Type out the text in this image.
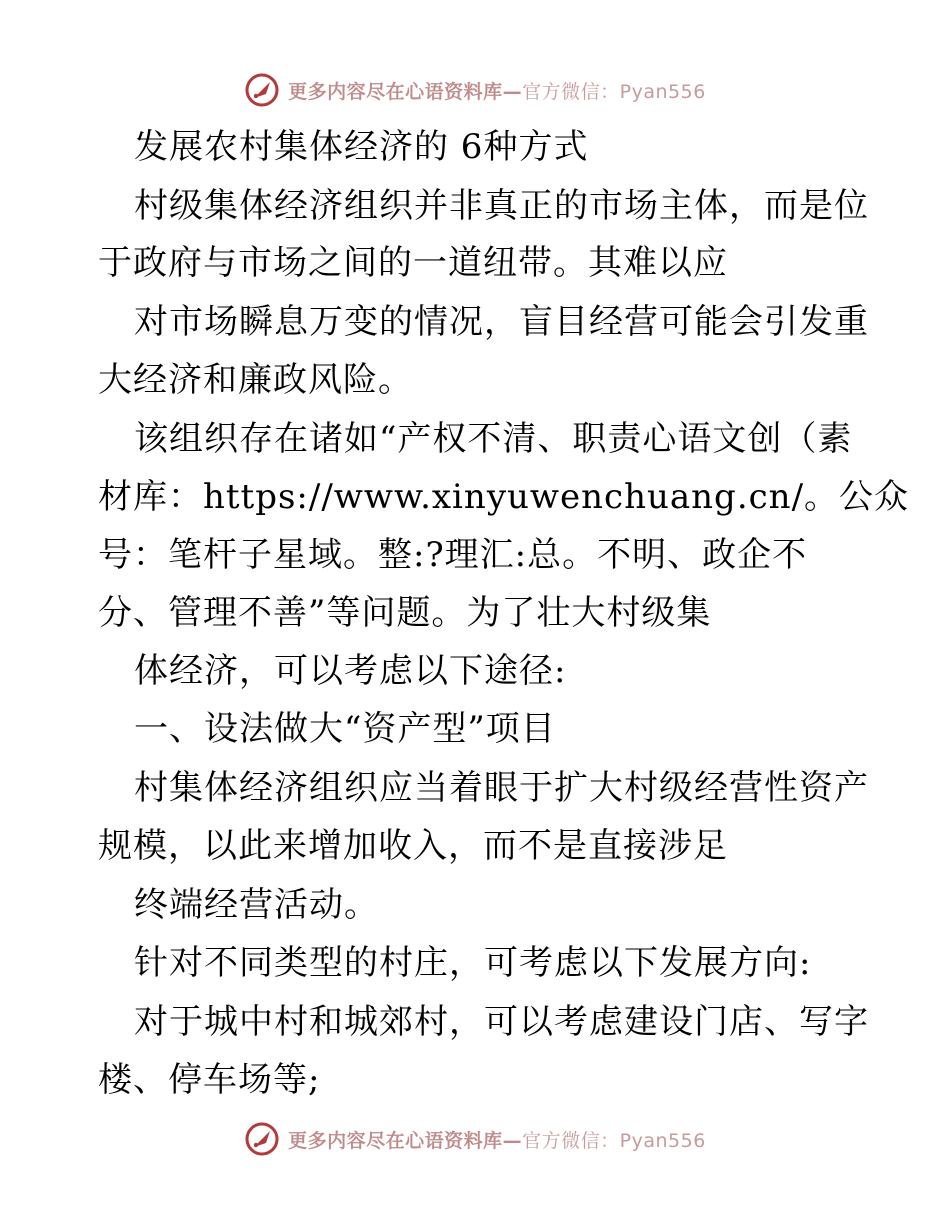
更多内容尽在心语资料库—官方微信：Pyan556
发展农村集体经济的 6种方式
村级集体经济组织并非真正的市场主体，而是位
于政府与市场之间的一道纽带。其难以应
对市场瞬息万变的情况，盲目经营可能会引发重
大经济和廉政风险。
该组织存在诸如“产权不清、职责心语文创（素
材库：https://www.xinyuwenchuang.cn/。公众
号：笔杆子星域。整:?理汇:总。不明、政企不
分、管理不善”等问题。为了壮大村级集
体经济，可以考虑以下途径:
一、设法做大“资产型”项目
村集体经济组织应当着眼于扩大村级经营性资产
规模，以此来增加收入，而不是直接涉足
终端经营活动。
针对不同类型的村庄，可考虑以下发展方向:
对于城中村和城郊村，可以考虑建设门店、写字
楼、停车场等;
更多内容尽在心语资料库—官方微信：Pyan556
